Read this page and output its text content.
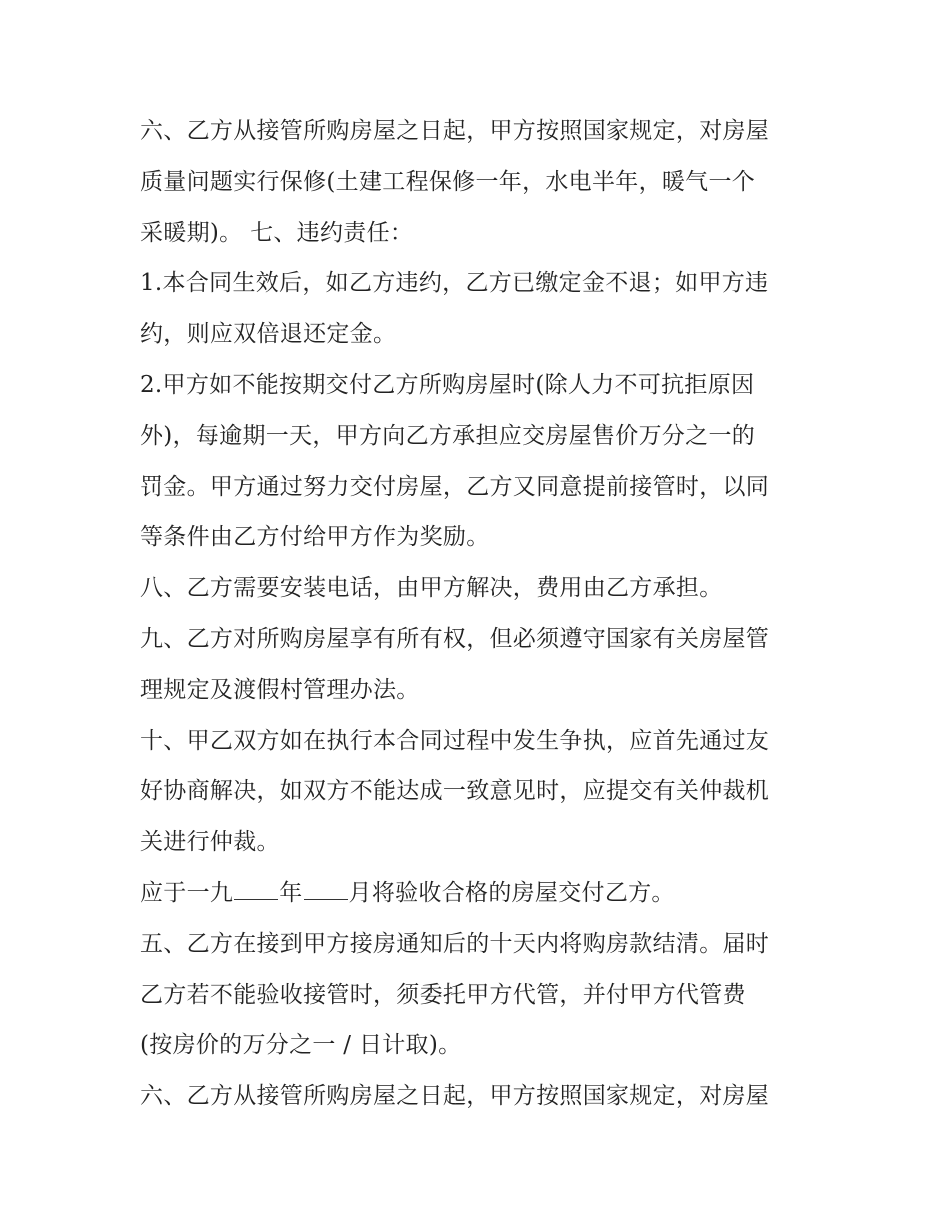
六、乙方从接管所购房屋之日起，甲方按照国家规定，对房屋
质量问题实行保修(土建工程保修一年，水电半年，暖气一个
采暖期)。 七、违约责任：
1.本合同生效后，如乙方违约，乙方已缴定金不退；如甲方违
约，则应双倍退还定金。
2.甲方如不能按期交付乙方所购房屋时(除人力不可抗拒原因
外)，每逾期一天，甲方向乙方承担应交房屋售价万分之一的
罚金。甲方通过努力交付房屋，乙方又同意提前接管时，以同
等条件由乙方付给甲方作为奖励。
八、乙方需要安装电话，由甲方解决，费用由乙方承担。
九、乙方对所购房屋享有所有权，但必须遵守国家有关房屋管
理规定及渡假村管理办法。
十、甲乙双方如在执行本合同过程中发生争执，应首先通过友
好协商解决，如双方不能达成一致意见时，应提交有关仲裁机
关进行仲裁。
应于一九 年 月将验收合格的房屋交付乙方。
五、乙方在接到甲方接房通知后的十天内将购房款结清。届时
乙方若不能验收接管时，须委托甲方代管，并付甲方代管费
(按房价的万分之一 / 日计取)。
六、乙方从接管所购房屋之日起，甲方按照国家规定，对房屋
